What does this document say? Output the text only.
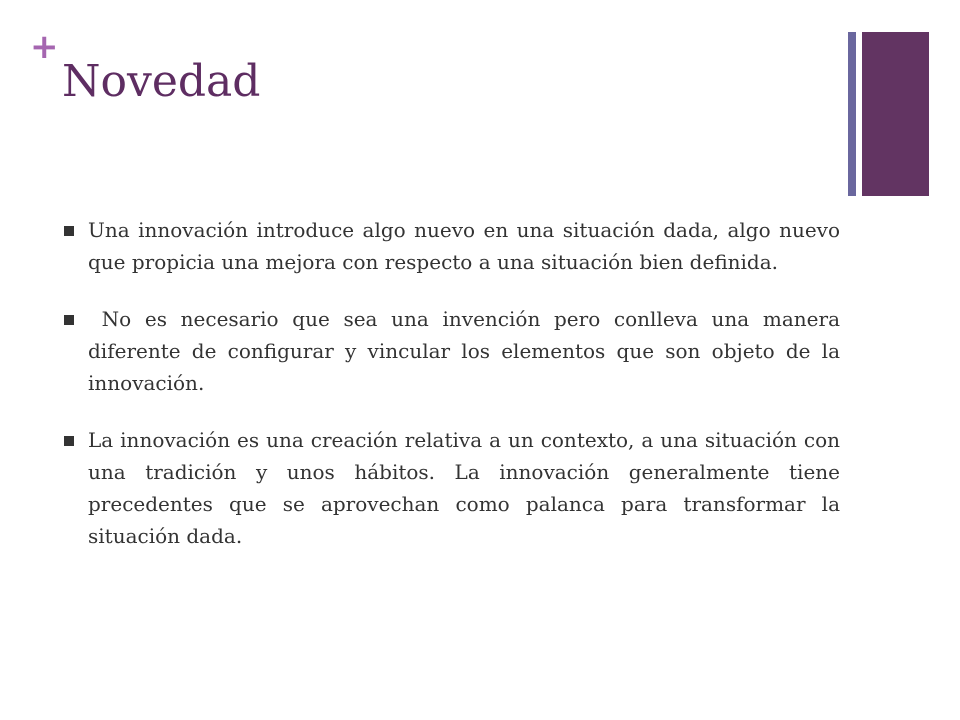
+
Novedad
Una innovación introduce algo nuevo en una situación dada, algo nuevo que propicia una mejora con respecto a una situación bien definida.
No es necesario que sea una invención pero conlleva una manera diferente de configurar y vincular los elementos que son objeto de la innovación.
La innovación es una creación relativa a un contexto, a una situación con una tradición y unos hábitos. La innovación generalmente tiene precedentes que se aprovechan como palanca para transformar la situación dada.
